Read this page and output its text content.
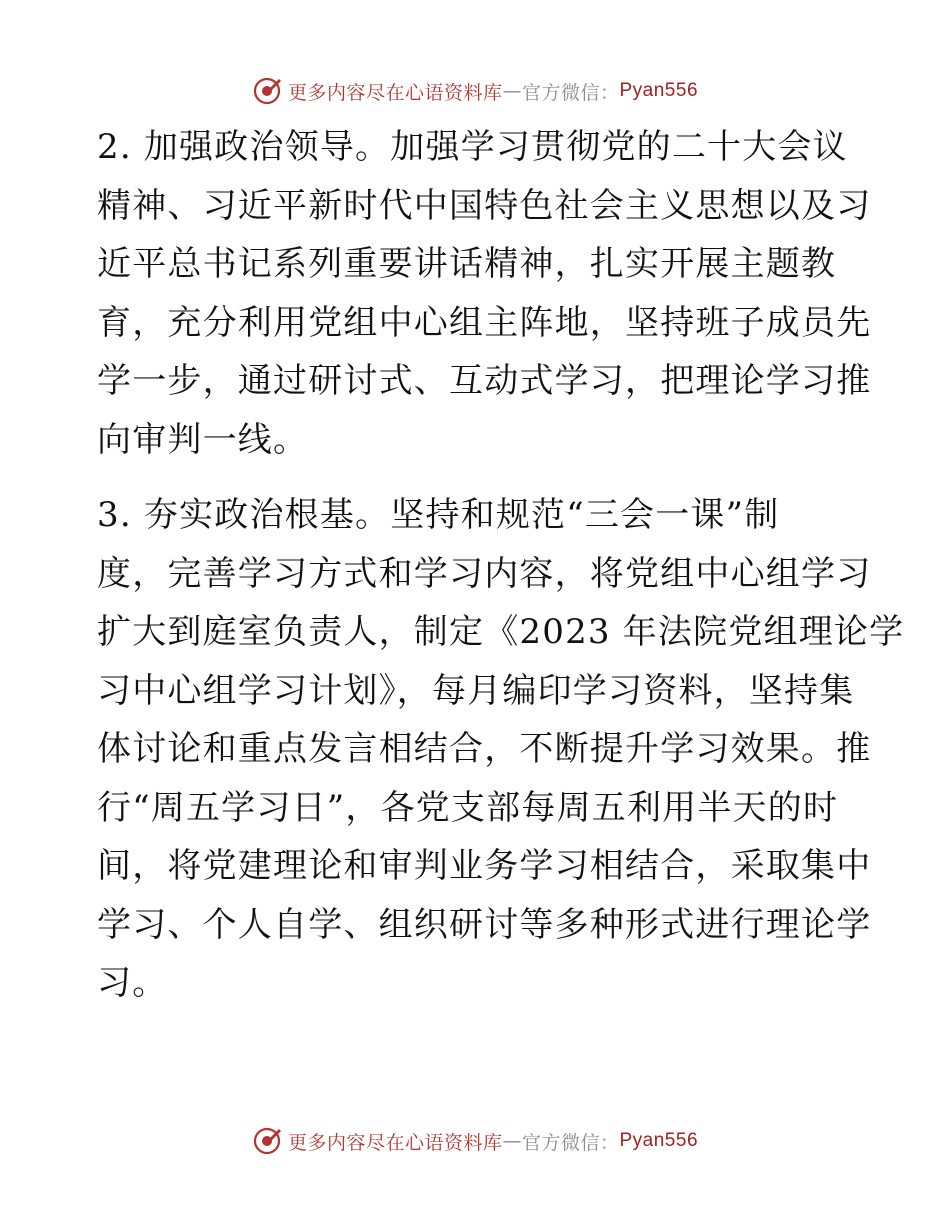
更多内容尽在心语资料库 — 官方微信： Pyan556

2. 加强政治领导。加强学习贯彻党的二十大会议
精神、习近平新时代中国特色社会主义思想以及习
近平总书记系列重要讲话精神，扎实开展主题教
育，充分利用党组中心组主阵地，坚持班子成员先
学一步，通过研讨式、互动式学习，把理论学习推
向审判一线。

3. 夯实政治根基。坚持和规范“三会一课”制
度，完善学习方式和学习内容，将党组中心组学习
扩大到庭室负责人，制定《2023 年法院党组理论学
习中心组学习计划》，每月编印学习资料，坚持集
体讨论和重点发言相结合，不断提升学习效果。推
行“周五学习日”，各党支部每周五利用半天的时
间，将党建理论和审判业务学习相结合，采取集中
学习、个人自学、组织研讨等多种形式进行理论学
习。

更多内容尽在心语资料库 — 官方微信： Pyan556
